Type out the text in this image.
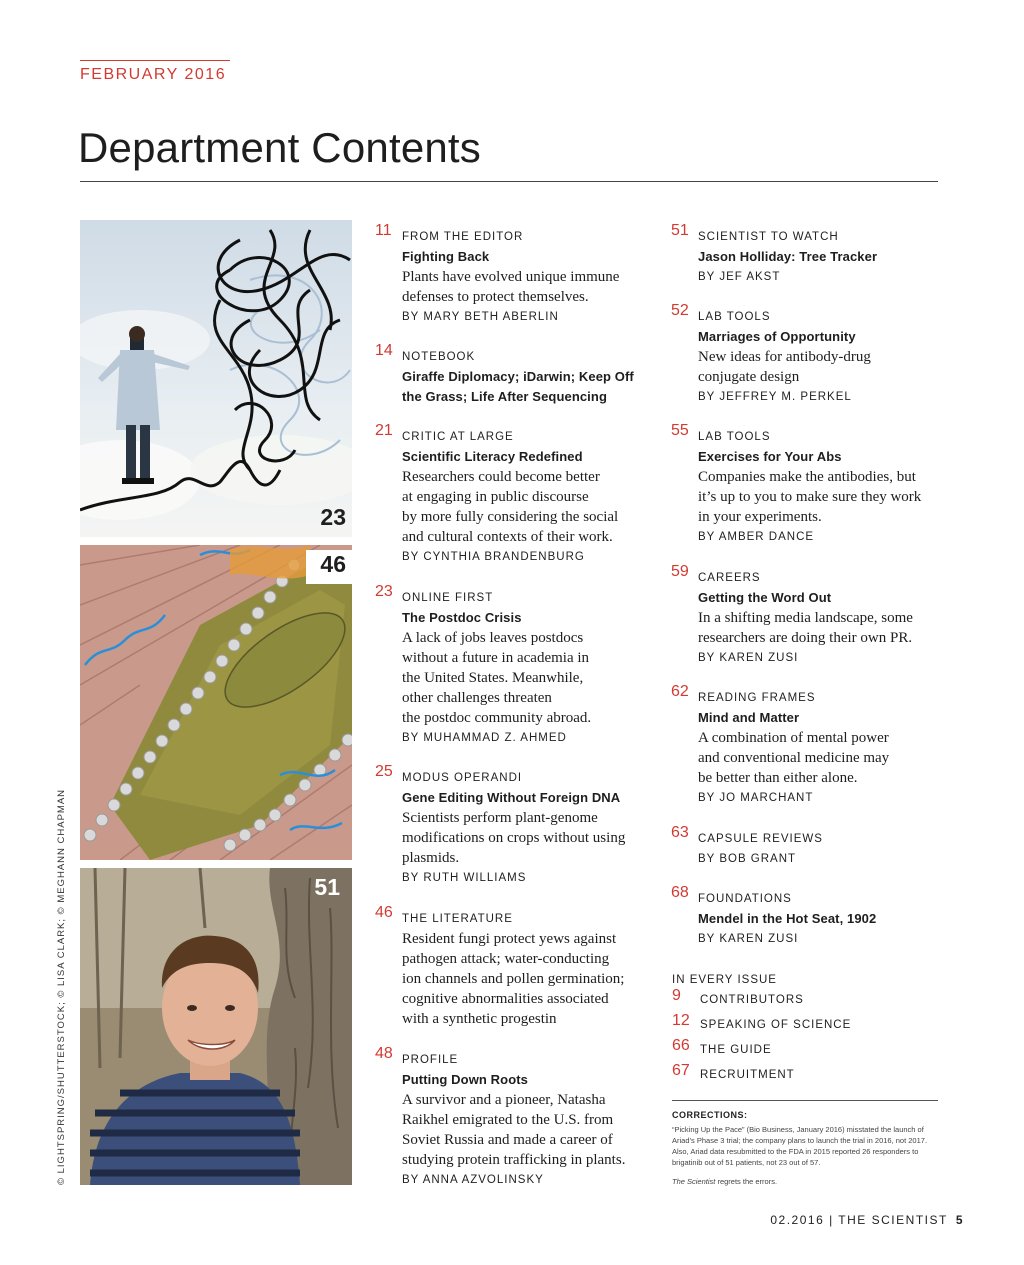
FEBRUARY 2016
Department Contents
23
46
51
© LIGHTSPRING/SHUTTERSTOCK; © LISA CLARK; © MEGHANN CHAPMAN
11 FROM THE EDITOR
Fighting Back
Plants have evolved unique immune
defenses to protect themselves.
BY MARY BETH ABERLIN
14 NOTEBOOK
Giraffe Diplomacy; iDarwin; Keep Off the Grass; Life After Sequencing
21 CRITIC AT LARGE
Scientific Literacy Redefined
Researchers could become better
at engaging in public discourse
by more fully considering the social
and cultural contexts of their work.
BY CYNTHIA BRANDENBURG
23 ONLINE FIRST
The Postdoc Crisis
A lack of jobs leaves postdocs
without a future in academia in
the United States. Meanwhile,
other challenges threaten
the postdoc community abroad.
BY MUHAMMAD Z. AHMED
25 MODUS OPERANDI
Gene Editing Without Foreign DNA
Scientists perform plant-genome
modifications on crops without using
plasmids.
BY RUTH WILLIAMS
46 THE LITERATURE
Resident fungi protect yews against
pathogen attack; water-conducting
ion channels and pollen germination;
cognitive abnormalities associated
with a synthetic progestin
48 PROFILE
Putting Down Roots
A survivor and a pioneer, Natasha
Raikhel emigrated to the U.S. from
Soviet Russia and made a career of
studying protein trafficking in plants.
BY ANNA AZVOLINSKY
51 SCIENTIST TO WATCH
Jason Holliday: Tree Tracker
BY JEF AKST
52 LAB TOOLS
Marriages of Opportunity
New ideas for antibody-drug
conjugate design
BY JEFFREY M. PERKEL
55 LAB TOOLS
Exercises for Your Abs
Companies make the antibodies, but
it’s up to you to make sure they work
in your experiments.
BY AMBER DANCE
59 CAREERS
Getting the Word Out
In a shifting media landscape, some
researchers are doing their own PR.
BY KAREN ZUSI
62 READING FRAMES
Mind and Matter
A combination of mental power
and conventional medicine may
be better than either alone.
BY JO MARCHANT
63 CAPSULE REVIEWS
BY BOB GRANT
68 FOUNDATIONS
Mendel in the Hot Seat, 1902
BY KAREN ZUSI
IN EVERY ISSUE
9 CONTRIBUTORS
12 SPEAKING OF SCIENCE
66 THE GUIDE
67 RECRUITMENT
CORRECTIONS:
“Picking Up the Pace” (Bio Business, January 2016) misstated the launch of Ariad’s Phase 3 trial; the company plans to launch the trial in 2016, not 2017. Also, Ariad data resubmitted to the FDA in 2015 reported 26 responders to brigatinib out of 51 patients, not 23 out of 57.
The Scientist regrets the errors.
02.2016 | THE SCIENTIST 5
